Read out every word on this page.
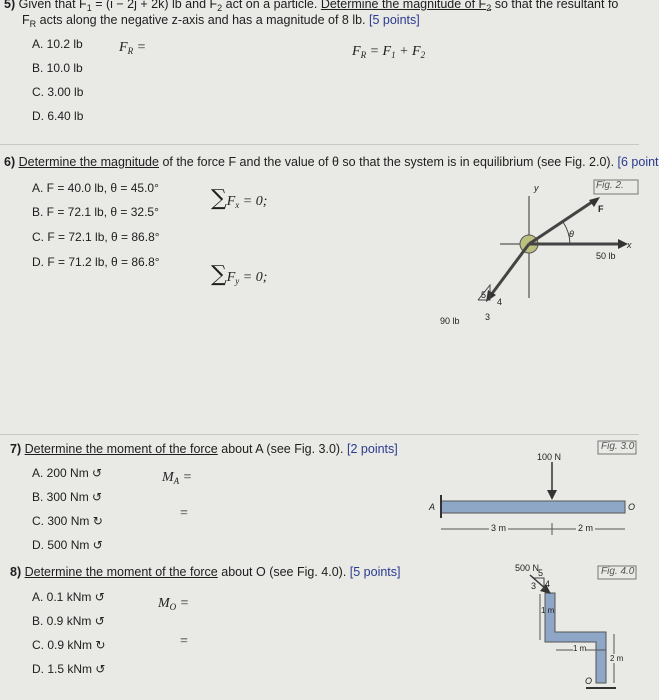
5) Given that $F_1 = (i - 2j + 2k)$ lb and $F_2$ act on a particle. Determine the magnitude of $F_2$ so that the resultant fo
$F_R$ acts along the negative z-axis and has a magnitude of 8 lb. [5 points]
A. 10.2 lb
B. 10.0 lb
C. 3.00 lb
D. 6.40 lb
$F_R$ =	$F_R = F_1 + F_2$
6) Determine the magnitude of the force F and the value of θ so that the system is in equilibrium (see Fig. 2.0). [6 point
A. F = 40.0 lb, θ = 45.0°
B. F = 72.1 lb, θ = 32.5°
C. F = 72.1 lb, θ = 86.8°
D. F = 71.2 lb, θ = 86.8°
$\sum F_x = 0$;
$\sum F_y = 0$;
Fig. 2.
y
x
F
θ
50 lb
90 lb
5
4
3
7) Determine the moment of the force about A (see Fig. 3.0). [2 points]
A. 200 Nm ↺
B. 300 Nm ↺
C. 300 Nm ↻
D. 500 Nm ↺
$M_A$ =
=
Fig. 3.0
100 N
A	O
3 m	2 m
8) Determine the moment of the force about O (see Fig. 4.0). [5 points]
A. 0.1 kNm ↺
B. 0.9 kNm ↺
C. 0.9 kNm ↻
D. 1.5 kNm ↺
$M_O$ =
=
Fig. 4.0
500 N
3 4
5
1 m
1 m
2 m
O
